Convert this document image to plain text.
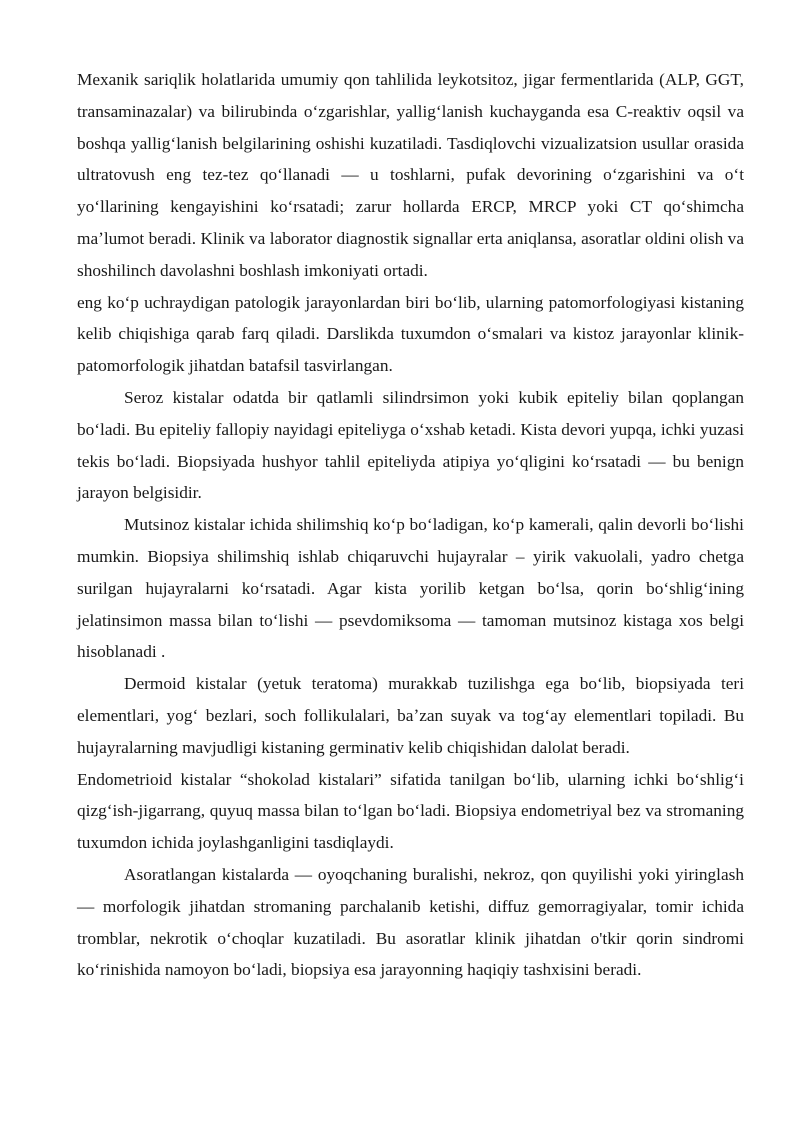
Mexanik sariqlik holatlarida umumiy qon tahlilida leykotsitoz, jigar fermentlarida (ALP, GGT, transaminazalar) va bilirubinda oʻzgarishlar, yalligʻlanish kuchayganda esa C-reaktiv oqsil va boshqa yalligʻlanish belgilarining oshishi kuzatiladi. Tasdiqlovchi vizualizatsion usullar orasida ultratovush eng tez-tez qoʻllanadi — u toshlarni, pufak devorining oʻzgarishini va oʻt yoʻllarining kengayishini koʻrsatadi; zarur hollarda ERCP, MRCP yoki CT qoʻshimcha maʼlumot beradi. Klinik va laborator diagnostik signallar erta aniqlansa, asoratlar oldini olish va shoshilinch davolashni boshlash imkoniyati ortadi.

eng koʻp uchraydigan patologik jarayonlardan biri boʻlib, ularning patomorfologiyasi kistaning kelib chiqishiga qarab farq qiladi. Darslikda tuxumdon oʻsmalari va kistoz jarayonlar klinik-patomorfologik jihatdan batafsil tasvirlangan.

Seroz kistalar odatda bir qatlamli silindrsimon yoki kubik epiteliy bilan qoplangan boʻladi. Bu epiteliy fallopiy nayidagi epiteliyga oʻxshab ketadi. Kista devori yupqa, ichki yuzasi tekis boʻladi. Biopsiyada hushyor tahlil epiteliyda atipiya yoʻqligini koʻrsatadi — bu benign jarayon belgisidir.

Mutsinoz kistalar ichida shilimshiq koʻp boʻladigan, koʻp kamerali, qalin devorli boʻlishi mumkin. Biopsiya shilimshiq ishlab chiqaruvchi hujayralar – yirik vakuolali, yadro chetga surilgan hujayralarni koʻrsatadi. Agar kista yorilib ketgan boʻlsa, qorin boʻshligʻining jelatinsimon massa bilan toʻlishi — psevdomiksoma — tamoman mutsinoz kistaga xos belgi hisoblanadi .

Dermoid kistalar (yetuk teratoma) murakkab tuzilishga ega boʻlib, biopsiyada teri elementlari, yogʻ bezlari, soch follikulalari, baʼzan suyak va togʻay elementlari topiladi. Bu hujayralarning mavjudligi kistaning germinativ kelib chiqishidan dalolat beradi.

Endometrioid kistalar “shokolad kistalari” sifatida tanilgan boʻlib, ularning ichki boʻshligʻi qizgʻish-jigarrang, quyuq massa bilan toʻlgan boʻladi. Biopsiya endometriyal bez va stromaning tuxumdon ichida joylashganligini tasdiqlaydi.

Asoratlangan kistalarda — oyoqchaning buralishi, nekroz, qon quyilishi yoki yiringlash — morfologik jihatdan stromaning parchalanib ketishi, diffuz gemorragiyalar, tomir ichida tromblar, nekrotik oʻchoqlar kuzatiladi. Bu asoratlar klinik jihatdan o'tkir qorin sindromi koʻrinishida namoyon boʻladi, biopsiya esa jarayonning haqiqiy tashxisini beradi.
